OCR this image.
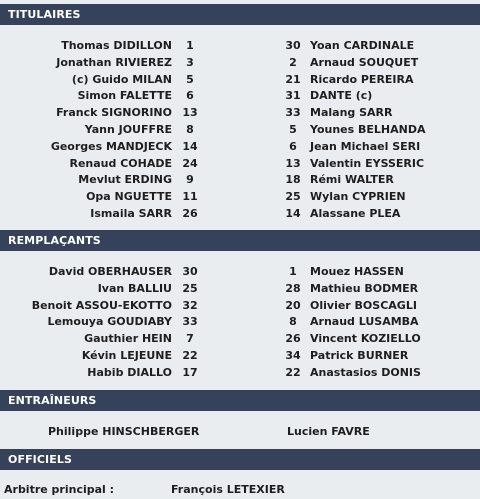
TITULAIRES
Thomas DIDILLON	1	30 Yoan CARDINALE
Jonathan RIVIEREZ	3	2	Arnaud SOUQUET
(c) Guido MILAN	5	21 Ricardo PEREIRA
Simon FALETTE	6	31 DANTE (c)
Franck SIGNORINO 13	33 Malang SARR
Yann JOUFFRE	8	5	Younes BELHANDA
Georges MANDJECK 14	6	Jean Michael SERI
Renaud COHADE 24	13 Valentin EYSSERIC
Mevlut ERDING	9	18 Rémi WALTER
Opa NGUETTE 11	25 Wylan CYPRIEN
Ismaila SARR 26	14 Alassane PLEA
REMPLAÇANTS
David OBERHAUSER 30	1	Mouez HASSEN
Ivan BALLIU 25	28 Mathieu BODMER
Benoit ASSOU-EKOTTO 32	20 Olivier BOSCAGLI
Lemouya GOUDIABY 33	8	Arnaud LUSAMBA
Gauthier HEIN	7	26 Vincent KOZIELLO
Kévin LEJEUNE 22	34 Patrick BURNER
Habib DIALLO 17	22 Anastasios DONIS
ENTRAÎNEURS
Philippe HINSCHBERGER	Lucien FAVRE
OFFICIELS
Arbitre principal :	François LETEXIER
